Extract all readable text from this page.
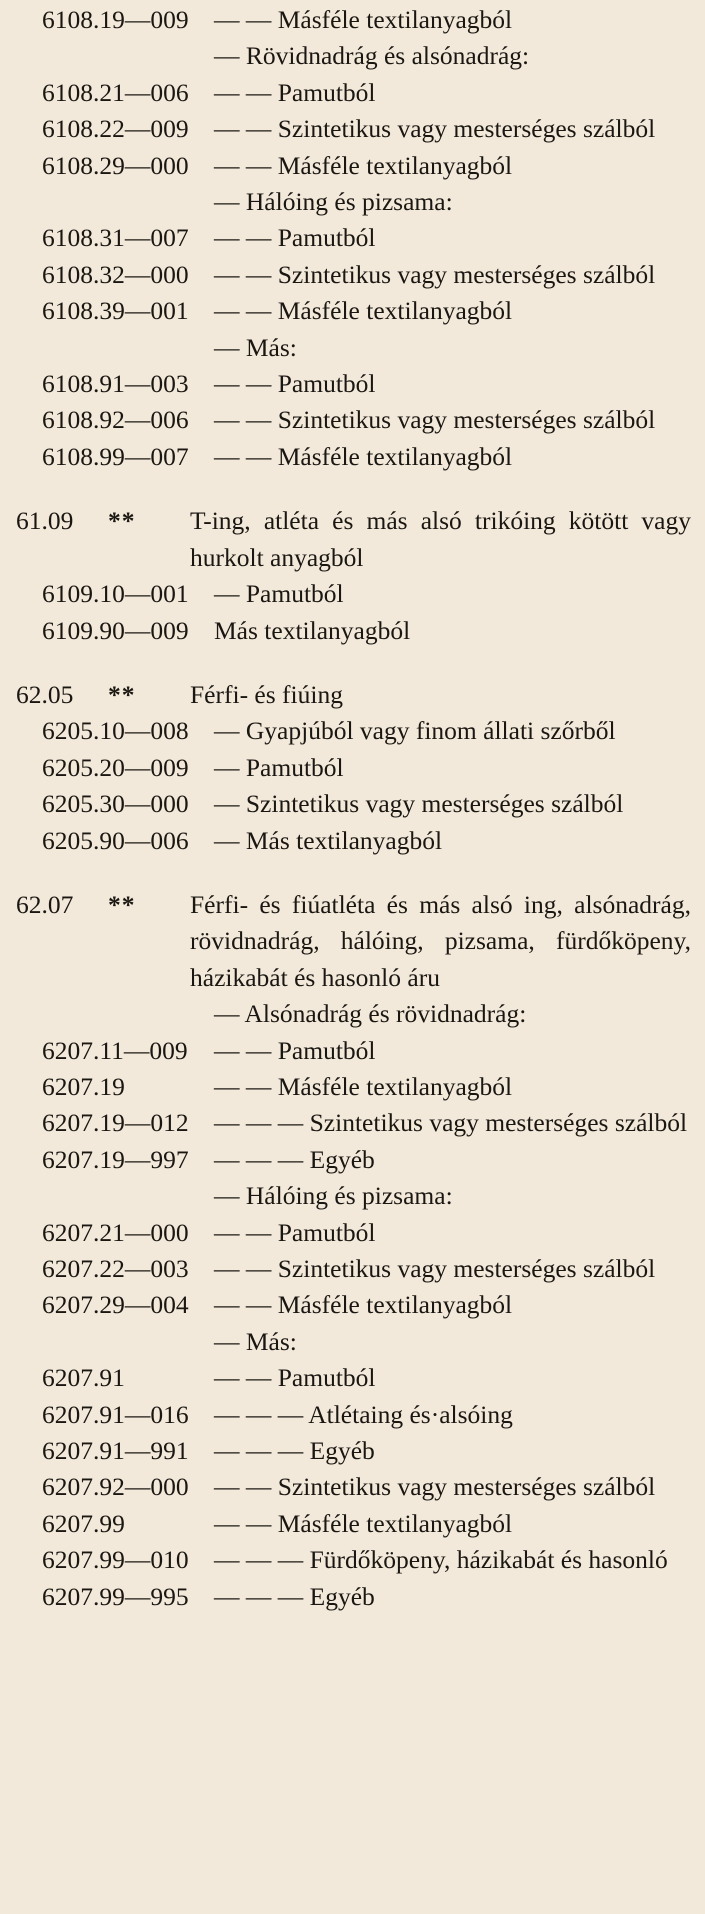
6108.19—009 — — Másféle textilanyagból
— Rövidnadrág és alsónadrág:
6108.21—006 — — Pamutból
6108.22—009 — — Szintetikus vagy mesterséges szálból
6108.29—000 — — Másféle textilanyagból
— Hálóing és pizsama:
6108.31—007 — — Pamutból
6108.32—000 — — Szintetikus vagy mesterséges szálból
6108.39—001 — — Másféle textilanyagból
— Más:
6108.91—003 — — Pamutból
6108.92—006 — — Szintetikus vagy mesterséges szálból
6108.99—007 — — Másféle textilanyagból
61.09 ** T-ing, atléta és más alsó trikóing kötött vagy hurkolt anyagból
6109.10—001 — Pamutból
6109.90—009 Más textilanyagból
62.05 ** Férfi- és fiúing
6205.10—008 — Gyapjúból vagy finom állati szőrből
6205.20—009 — Pamutból
6205.30—000 — Szintetikus vagy mesterséges szálból
6205.90—006 — Más textilanyagból
62.07 ** Férfi- és fiúatléta és más alsó ing, alsónadrág, rövidnadrág, hálóing, pizsama, fürdőköpeny, házikabát és hasonló áru
— Alsónadrág és rövidnadrág:
6207.11—009 — — Pamutból
6207.19	— — Másféle textilanyagból
6207.19—012 — — — Szintetikus vagy mesterséges szálból
6207.19—997 — — — Egyéb
— Hálóing és pizsama:
6207.21—000 — — Pamutból
6207.22—003 — — Szintetikus vagy mesterséges szálból
6207.29—004 — — Másféle textilanyagból
— Más:
6207.91	— — Pamutból
6207.91—016 — — — Atlétaing és·alsóing
6207.91—991 — — — Egyéb
6207.92—000 — — Szintetikus vagy mesterséges szálból
6207.99	— — Másféle textilanyagból
6207.99—010 — — — Fürdőköpeny, házikabát és hasonló
6207.99—995 — — — Egyéb
